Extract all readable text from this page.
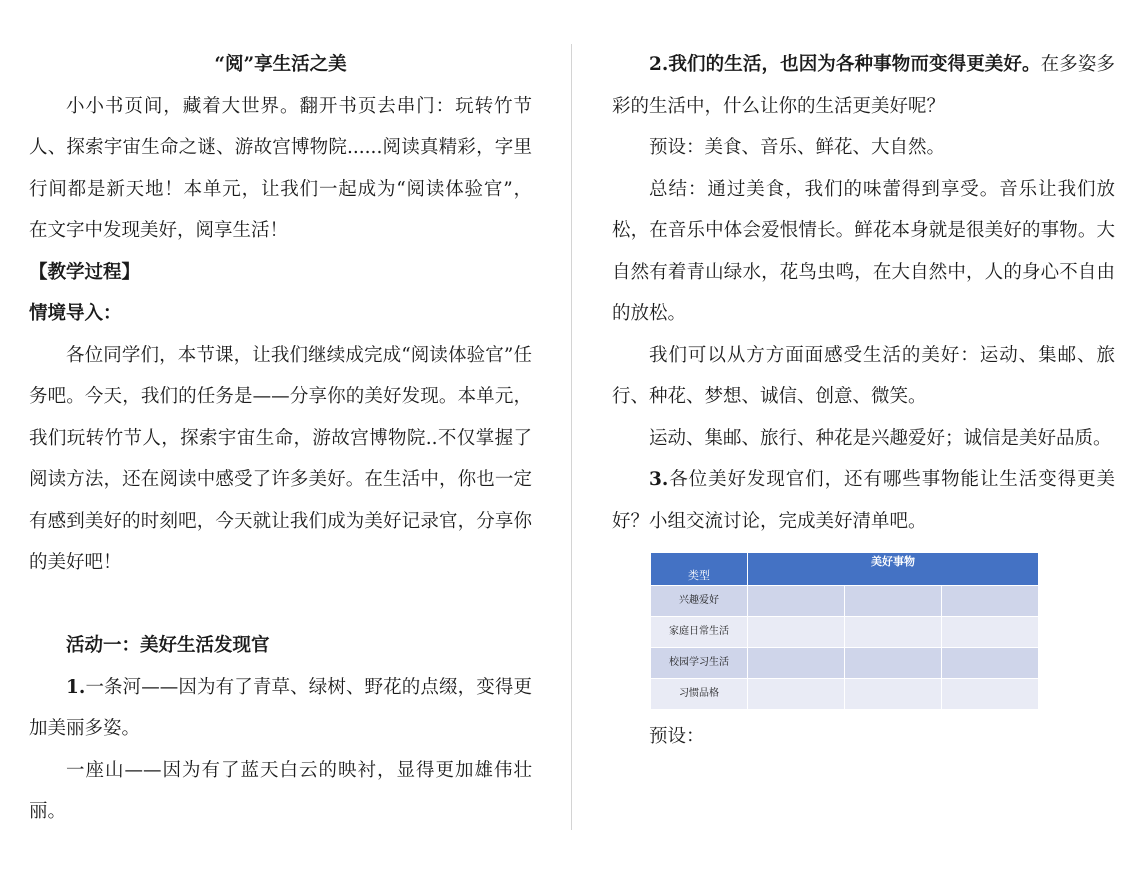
“阅”享生活之美

小小书页间，藏着大世界。翻开书页去串门：玩转竹节人、探索宇宙生命之谜、游故宫博物院......阅读真精彩，字里行间都是新天地！本单元，让我们一起成为“阅读体验官”， 在文字中发现美好，阅享生活！

【教学过程】

情境导入：

各位同学们，本节课，让我们继续成完成“阅读体验官”任务吧。今天，我们的任务是——分享你的美好发现。本单元，我们玩转竹节人，探索宇宙生命，游故宫博物院..不仅掌握了阅读方法，还在阅读中感受了许多美好。在生活中，你也一定有感到美好的时刻吧，今天就让我们成为美好记录官，分享你的美好吧！

活动一：美好生活发现官

1.一条河——因为有了青草、绿树、野花的点缀，变得更加美丽多姿。

一座山——因为有了蓝天白云的映衬，显得更加雄伟壮丽。

2.我们的生活，也因为各种事物而变得更美好。在多姿多彩的生活中，什么让你的生活更美好呢？

预设：美食、音乐、鲜花、大自然。

总结：通过美食，我们的味蕾得到享受。音乐让我们放松，在音乐中体会爱恨情长。鲜花本身就是很美好的事物。大自然有着青山绿水，花鸟虫鸣，在大自然中，人的身心不自由的放松。

我们可以从方方面面感受生活的美好：运动、集邮、旅行、种花、梦想、诚信、创意、微笑。

运动、集邮、旅行、种花是兴趣爱好；诚信是美好品质。

3.各位美好发现官们，还有哪些事物能让生活变得更美好？小组交流讨论，完成美好清单吧。

类型	美好事物		
兴趣爱好			
家庭日常生活			
校园学习生活			
习惯品格			

预设：
